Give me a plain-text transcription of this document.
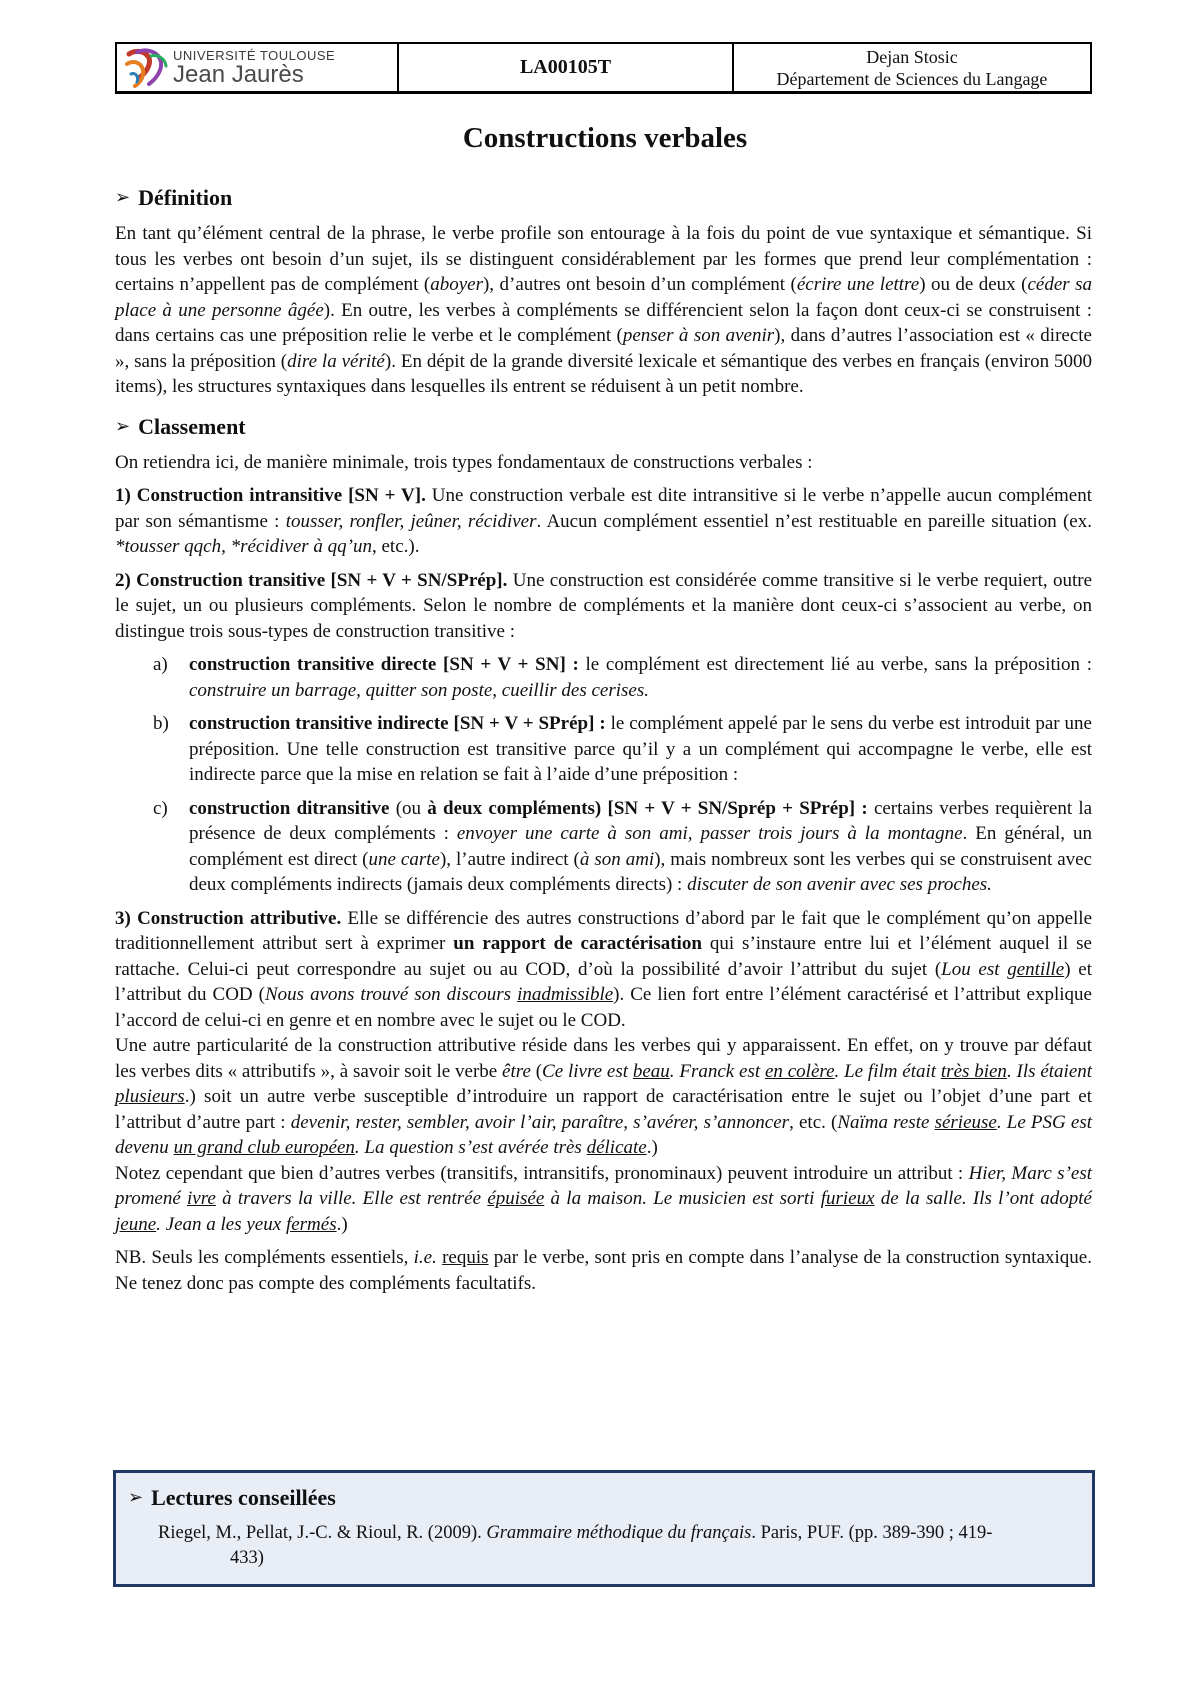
UNIVERSITÉ TOULOUSE
Jean Jaurès	LA00105T	Dejan Stosic
Département de Sciences du Langage
Constructions verbales
➢ Définition

En tant qu’élément central de la phrase, le verbe profile son entourage à la fois du point de vue syntaxique et sémantique. Si tous les verbes ont besoin d’un sujet, ils se distinguent considérablement par les formes que prend leur complémentation : certains n’appellent pas de complément (aboyer), d’autres ont besoin d’un complément (écrire une lettre) ou de deux (céder sa place à une personne âgée). En outre, les verbes à compléments se différencient selon la façon dont ceux-ci se construisent : dans certains cas une préposition relie le verbe et le complément (penser à son avenir), dans d’autres l’association est « directe », sans la préposition (dire la vérité). En dépit de la grande diversité lexicale et sémantique des verbes en français (environ 5000 items), les structures syntaxiques dans lesquelles ils entrent se réduisent à un petit nombre.

➢ Classement

On retiendra ici, de manière minimale, trois types fondamentaux de constructions verbales :

1) Construction intransitive [SN + V]. Une construction verbale est dite intransitive si le verbe n’appelle aucun complément par son sémantisme : tousser, ronfler, jeûner, récidiver. Aucun complément essentiel n’est restituable en pareille situation (ex. *tousser qqch, *récidiver à qq’un, etc.).

2) Construction transitive [SN + V + SN/SPrép]. Une construction est considérée comme transitive si le verbe requiert, outre le sujet, un ou plusieurs compléments. Selon le nombre de compléments et la manière dont ceux-ci s’associent au verbe, on distingue trois sous-types de construction transitive :

a)	construction transitive directe [SN + V + SN] : le complément est directement lié au verbe, sans la préposition : construire un barrage, quitter son poste, cueillir des cerises.

b)	construction transitive indirecte [SN + V + SPrép] : le complément appelé par le sens du verbe est introduit par une préposition. Une telle construction est transitive parce qu’il y a un complément qui accompagne le verbe, elle est indirecte parce que la mise en relation se fait à l’aide d’une préposition :

c)	construction ditransitive (ou à deux compléments) [SN + V + SN/Sprép + SPrép] : certains verbes requièrent la présence de deux compléments : envoyer une carte à son ami, passer trois jours à la montagne. En général, un complément est direct (une carte), l’autre indirect (à son ami), mais nombreux sont les verbes qui se construisent avec deux compléments indirects (jamais deux compléments directs) : discuter de son avenir avec ses proches.

3) Construction attributive. Elle se différencie des autres constructions d’abord par le fait que le complément qu’on appelle traditionnellement attribut sert à exprimer un rapport de caractérisation qui s’instaure entre lui et l’élément auquel il se rattache. Celui-ci peut correspondre au sujet ou au COD, d’où la possibilité d’avoir l’attribut du sujet (Lou est gentille) et l’attribut du COD (Nous avons trouvé son discours inadmissible). Ce lien fort entre l’élément caractérisé et l’attribut explique l’accord de celui-ci en genre et en nombre avec le sujet ou le COD.

Une autre particularité de la construction attributive réside dans les verbes qui y apparaissent. En effet, on y trouve par défaut les verbes dits « attributifs », à savoir soit le verbe être (Ce livre est beau. Franck est en colère. Le film était très bien. Ils étaient plusieurs.) soit un autre verbe susceptible d’introduire un rapport de caractérisation entre le sujet ou l’objet d’une part et l’attribut d’autre part : devenir, rester, sembler, avoir l’air, paraître, s’avérer, s’annoncer, etc. (Naïma reste sérieuse. Le PSG est devenu un grand club européen. La question s’est avérée très délicate.)

Notez cependant que bien d’autres verbes (transitifs, intransitifs, pronominaux) peuvent introduire un attribut : Hier, Marc s’est promené ivre à travers la ville. Elle est rentrée épuisée à la maison. Le musicien est sorti furieux de la salle. Ils l’ont adopté jeune. Jean a les yeux fermés.)

NB. Seuls les compléments essentiels, i.e. requis par le verbe, sont pris en compte dans l’analyse de la construction syntaxique. Ne tenez donc pas compte des compléments facultatifs.

➢ Lectures conseillées
Riegel, M., Pellat, J.-C. & Rioul, R. (2009). Grammaire méthodique du français. Paris, PUF. (pp. 389-390 ; 419-
433)
